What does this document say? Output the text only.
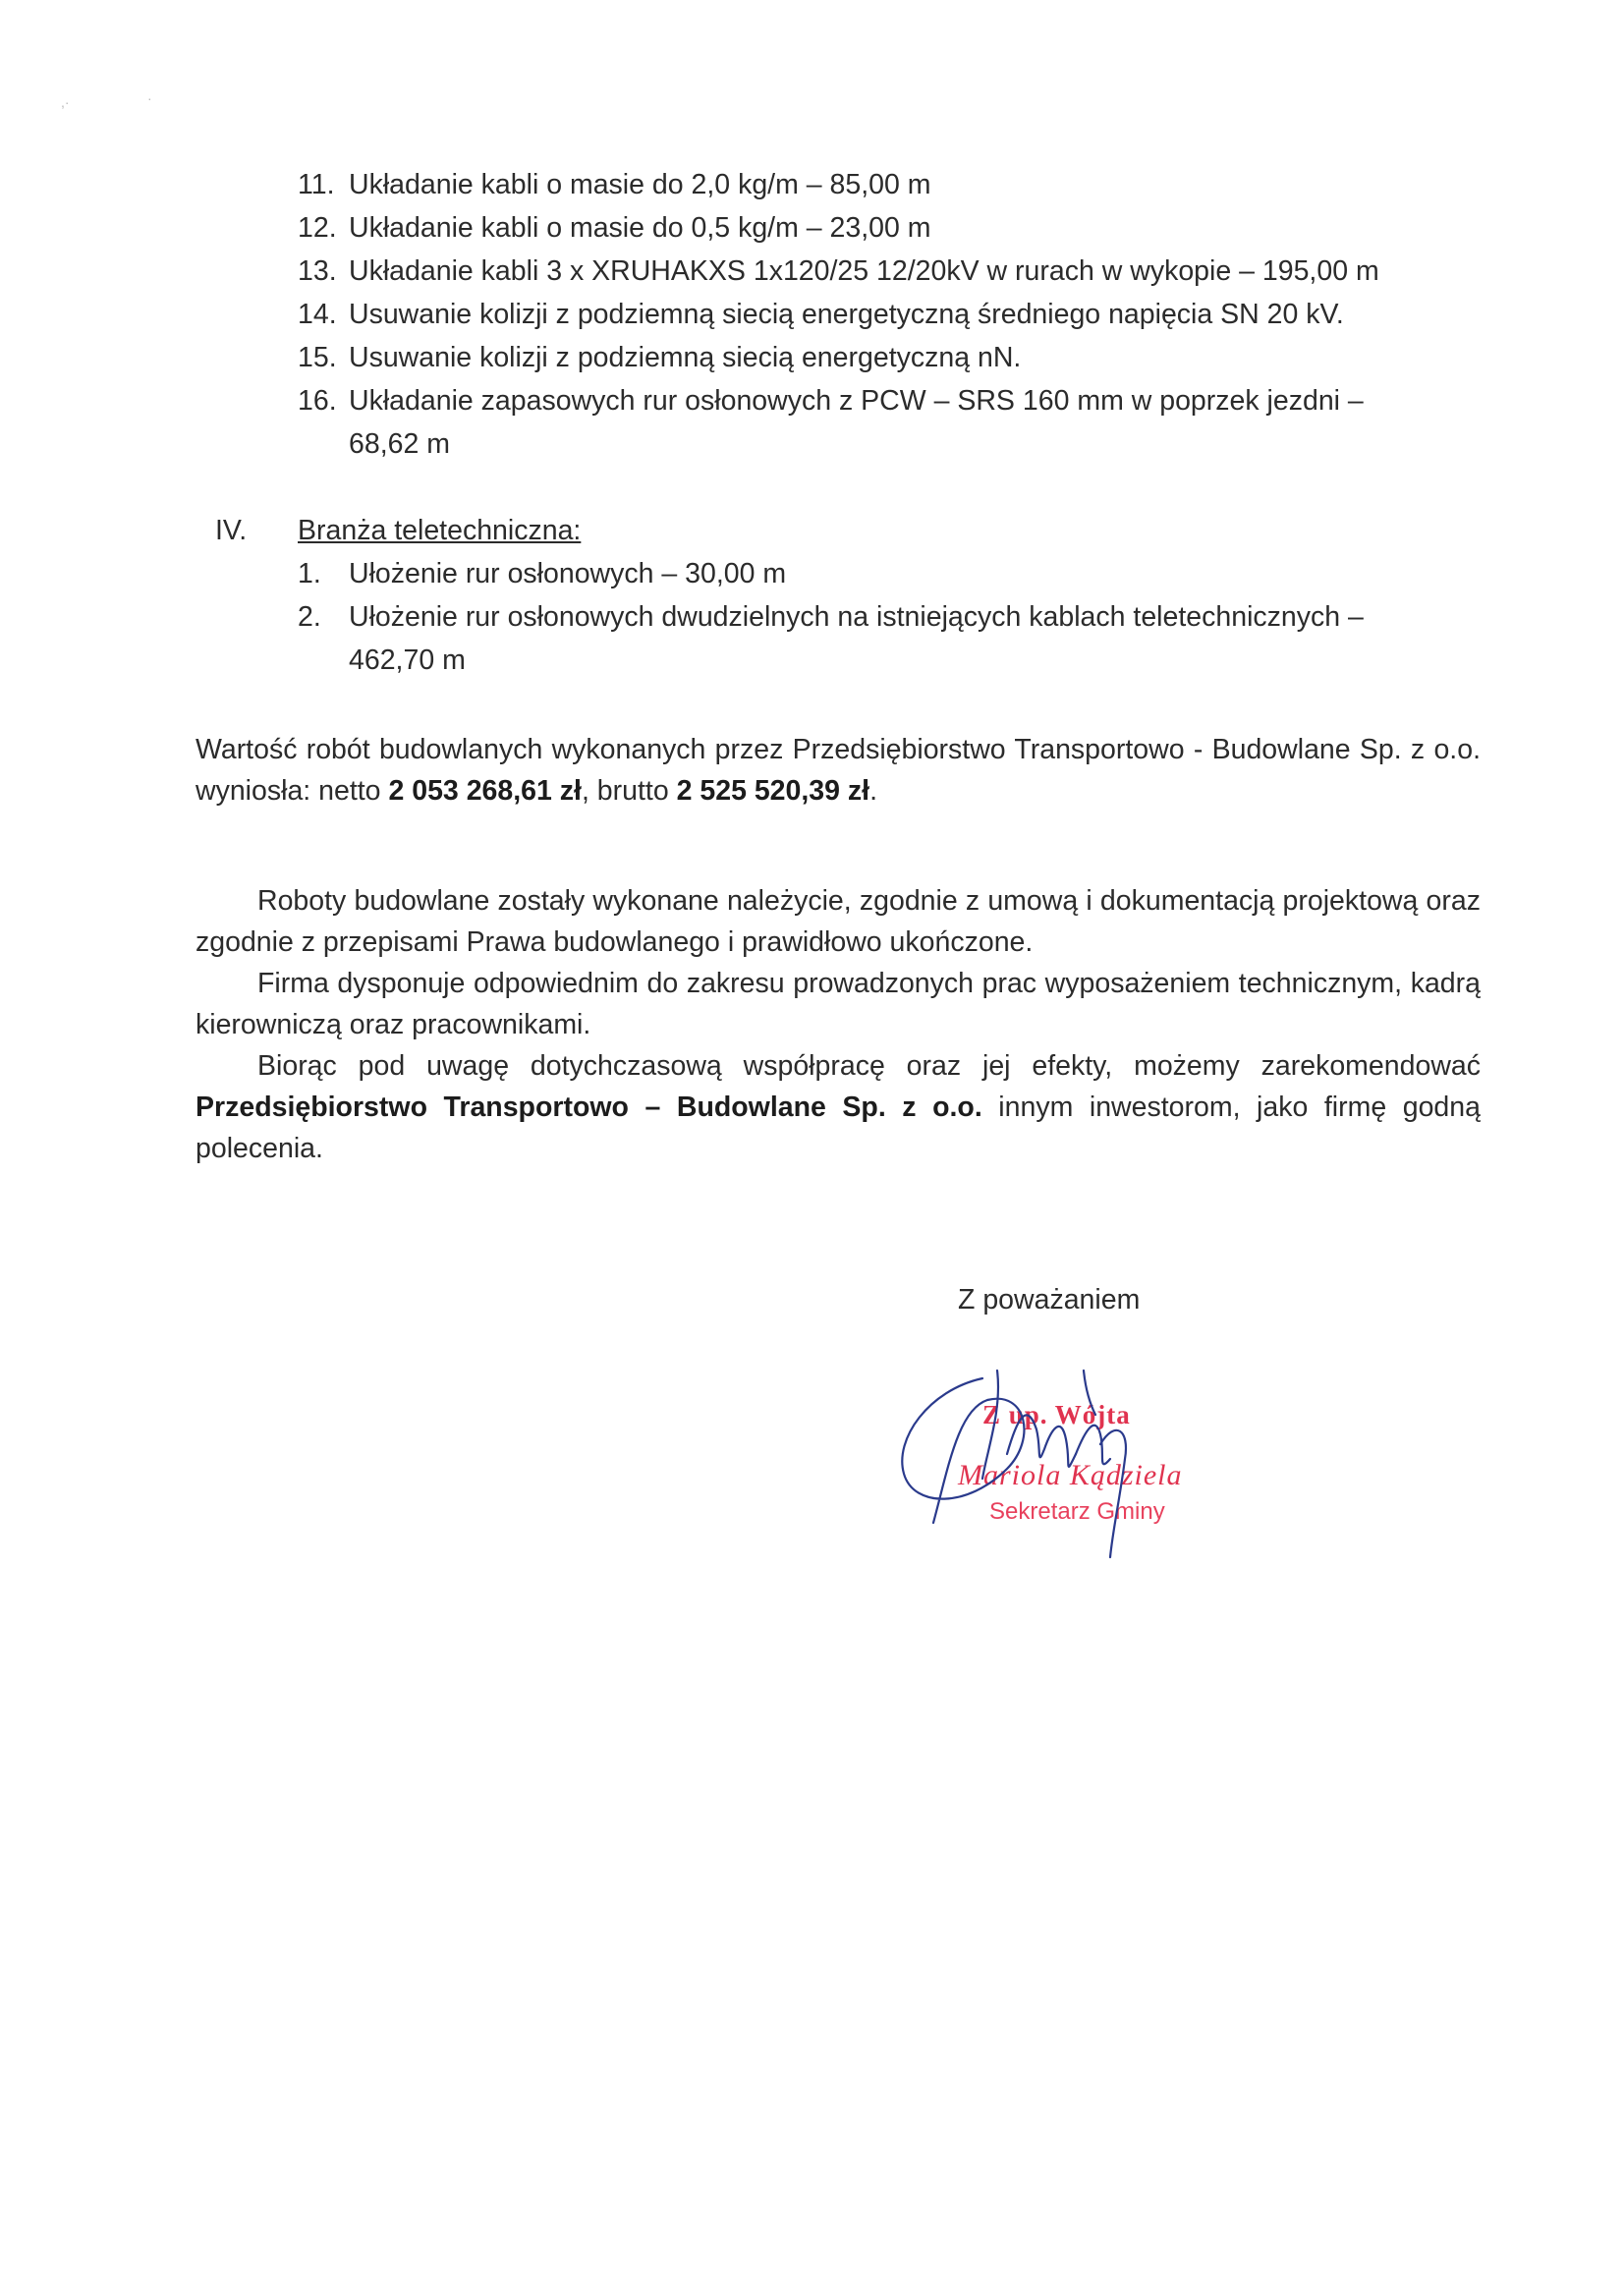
,·	·
11. Układanie kabli o masie do 2,0 kg/m – 85,00 m
12. Układanie kabli o masie do 0,5 kg/m – 23,00 m
13. Układanie kabli 3 x XRUHAKXS 1x120/25 12/20kV w rurach w wykopie – 195,00 m
14. Usuwanie kolizji z podziemną siecią energetyczną średniego napięcia SN 20 kV.
15. Usuwanie kolizji z podziemną siecią energetyczną nN.
16. Układanie zapasowych rur osłonowych z PCW – SRS 160 mm w poprzek jezdni –
68,62 m
IV. Branża teletechniczna:
1. Ułożenie rur osłonowych – 30,00 m
2. Ułożenie rur osłonowych dwudzielnych na istniejących kablach teletechnicznych –
462,70 m

Wartość robót budowlanych wykonanych przez Przedsiębiorstwo Transportowo - Budowlane Sp. z o.o. wyniosła: netto 2 053 268,61 zł, brutto 2 525 520,39 zł.

Roboty budowlane zostały wykonane należycie, zgodnie z umową i dokumentacją projektową oraz zgodnie z przepisami Prawa budowlanego i prawidłowo ukończone.

Firma dysponuje odpowiednim do zakresu prowadzonych prac wyposażeniem technicznym, kadrą kierowniczą oraz pracownikami.

Biorąc pod uwagę dotychczasową współpracę oraz jej efekty, możemy zarekomendować Przedsiębiorstwo Transportowo – Budowlane Sp. z o.o. innym inwestorom, jako firmę godną polecenia.

Z poważaniem
Z up. Wójta
Mariola Kądziela
Sekretarz Gminy
